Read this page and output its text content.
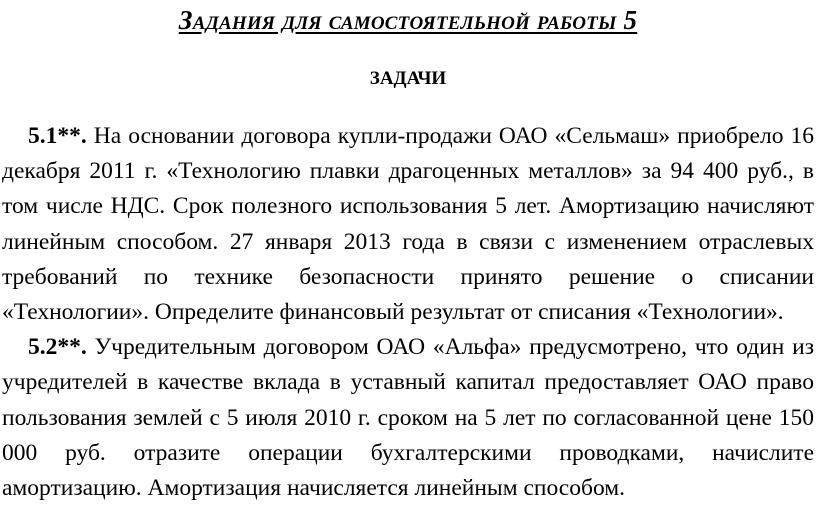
Задания для самостоятельной работы 5
ЗАДАЧИ

5.1**. На основании договора купли-продажи ОАО «Сельмаш» приобрело 16 декабря 2011 г. «Технологию плавки драгоценных металлов» за 94 400 руб., в том числе НДС. Срок полезного использования 5 лет. Амортизацию начисляют линейным способом. 27 января 2013 года в связи с изменением отраслевых требований по технике безопасности принято решение о списании «Технологии». Определите финансовый результат от списания «Технологии».

5.2**. Учредительным договором ОАО «Альфа» предусмотрено, что один из учредителей в качестве вклада в уставный капитал предоставляет ОАО право пользования землей с 5 июля 2010 г. сроком на 5 лет по согласованной цене 150 000 руб. отразите операции бухгалтерскими проводками, начислите амортизацию. Амортизация начисляется линейным способом.
